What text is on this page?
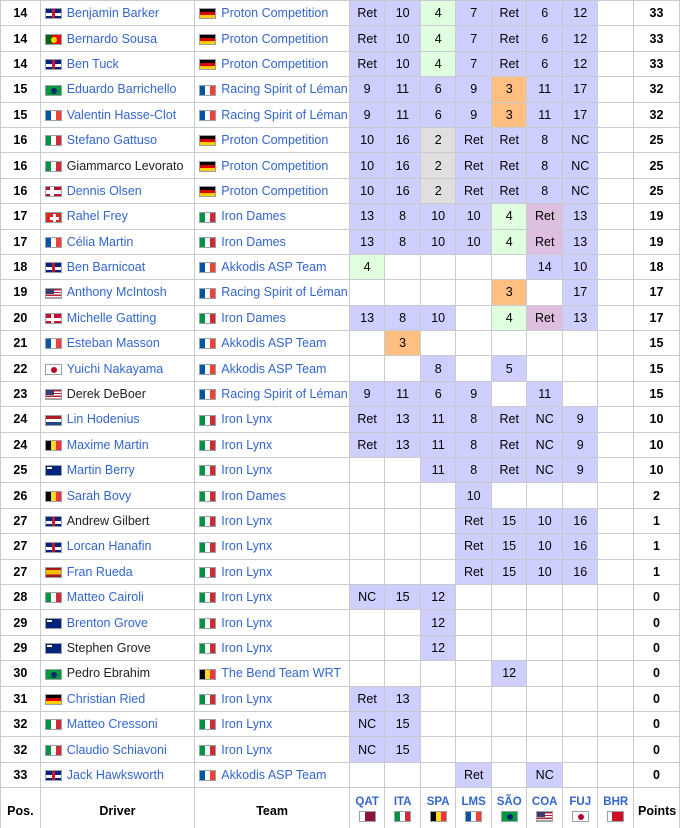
14	Benjamin Barker	Proton Competition	Ret	10	4	7	Ret	6	12		33
14	Bernardo Sousa	Proton Competition	Ret	10	4	7	Ret	6	12		33
14	Ben Tuck	Proton Competition	Ret	10	4	7	Ret	6	12		33
15	Eduardo Barrichello	Racing Spirit of Léman	9	11	6	9	3	11	17		32
15	Valentin Hasse-Clot	Racing Spirit of Léman	9	11	6	9	3	11	17		32
16	Stefano Gattuso	Proton Competition	10	16	2	Ret	Ret	8	NC		25
16	Giammarco Levorato	Proton Competition	10	16	2	Ret	Ret	8	NC		25
16	Dennis Olsen	Proton Competition	10	16	2	Ret	Ret	8	NC		25
17	Rahel Frey	Iron Dames	13	8	10	10	4	Ret	13		19
17	Célia Martin	Iron Dames	13	8	10	10	4	Ret	13		19
18	Ben Barnicoat	Akkodis ASP Team	4					14	10		18
19	Anthony McIntosh	Racing Spirit of Léman					3		17		17
20	Michelle Gatting	Iron Dames	13	8	10		4	Ret	13		17
21	Esteban Masson	Akkodis ASP Team		3							15
22	Yuichi Nakayama	Akkodis ASP Team			8		5				15
23	Derek DeBoer	Racing Spirit of Léman	9	11	6	9		11			15
24	Lin Hodenius	Iron Lynx	Ret	13	11	8	Ret	NC	9		10
24	Maxime Martin	Iron Lynx	Ret	13	11	8	Ret	NC	9		10
25	Martin Berry	Iron Lynx			11	8	Ret	NC	9		10
26	Sarah Bovy	Iron Dames				10					2
27	Andrew Gilbert	Iron Lynx				Ret	15	10	16		1
27	Lorcan Hanafin	Iron Lynx				Ret	15	10	16		1
27	Fran Rueda	Iron Lynx				Ret	15	10	16		1
28	Matteo Cairoli	Iron Lynx	NC	15	12						0
29	Brenton Grove	Iron Lynx			12						0
29	Stephen Grove	Iron Lynx			12						0
30	Pedro Ebrahim	The Bend Team WRT					12				0
31	Christian Ried	Iron Lynx	Ret	13							0
32	Matteo Cressoni	Iron Lynx	NC	15							0
32	Claudio Schiavoni	Iron Lynx	NC	15							0
33	Jack Hawksworth	Akkodis ASP Team				Ret		NC			0
Pos.	Driver	Team	QAT	ITA	SPA	LMS	SÃO	COA	FUJ	BHR	Points
